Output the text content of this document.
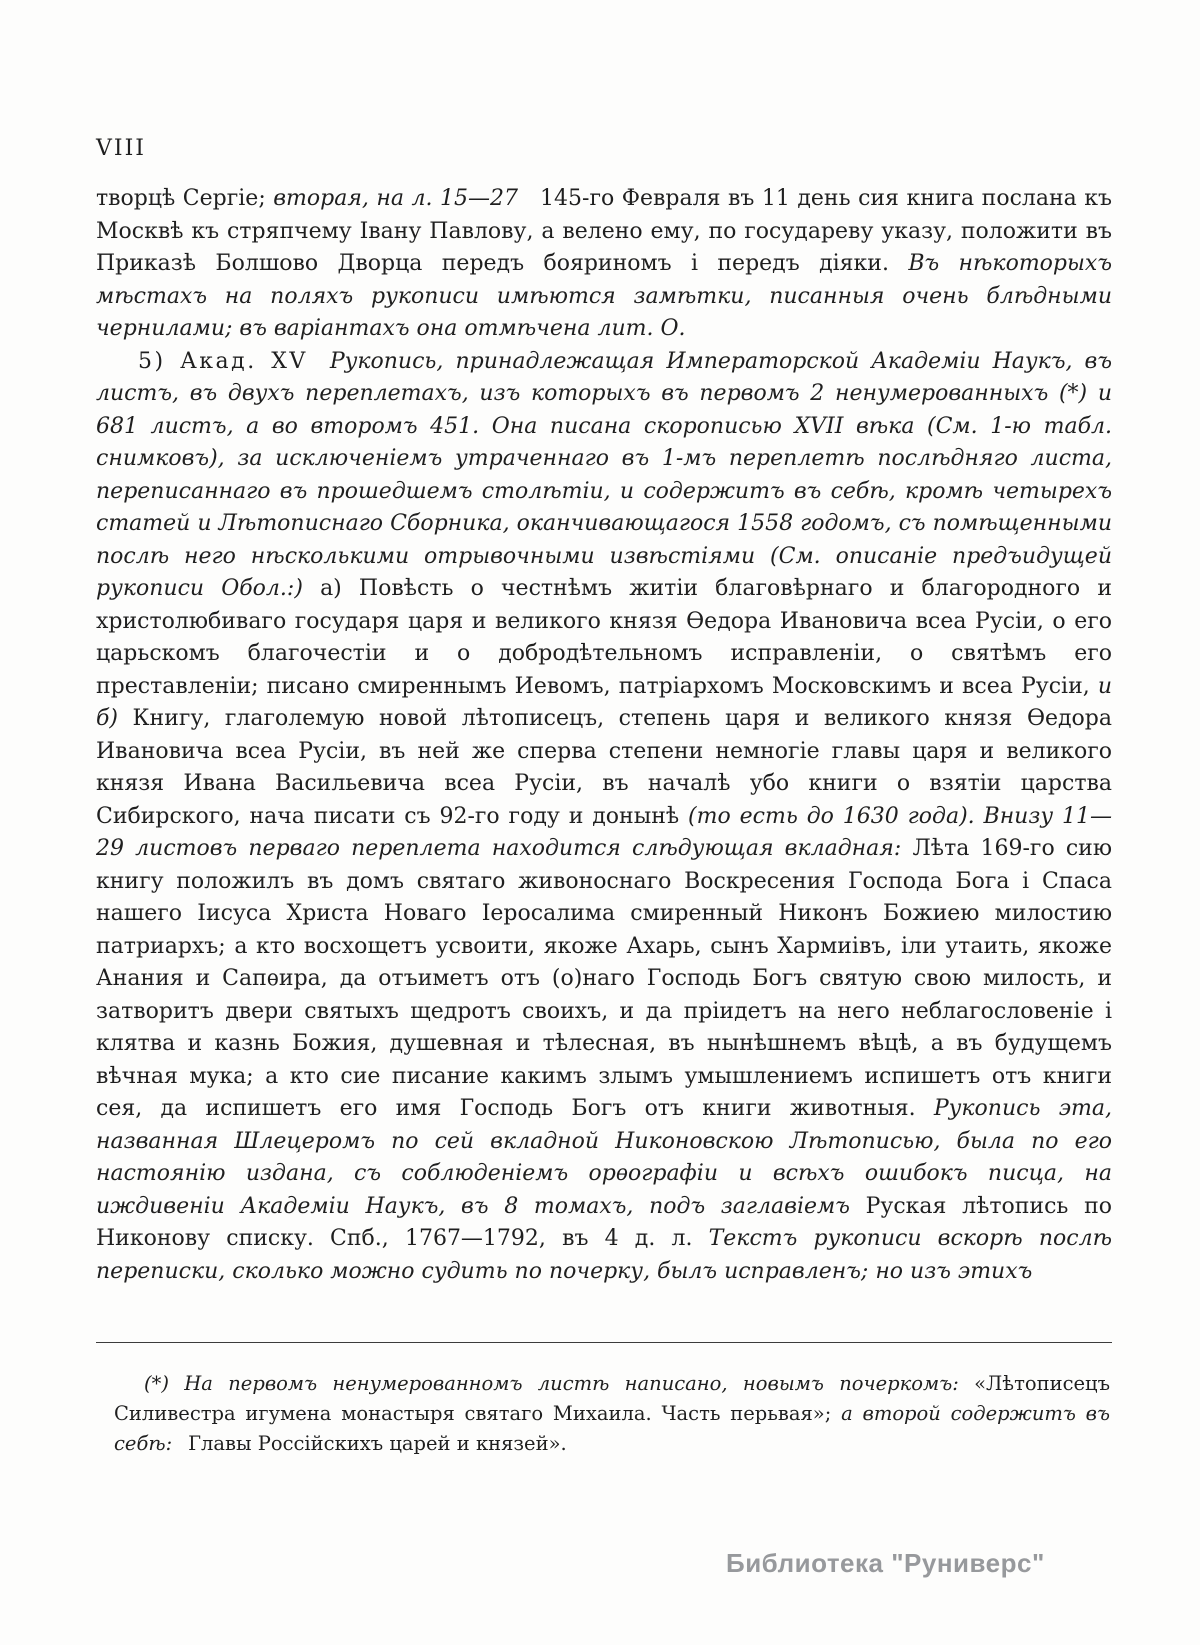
VIII

творцѣ Сергіе; вторая, на л. 15—27 145-го Февраля въ 11 день сия книга послана къ Москвѣ къ стряпчему Івану Павлову, а велено ему, по государеву указу, положити въ Приказѣ Болшово Дворца передъ бояриномъ і передъ діяки. Въ нѣкоторыхъ мѣстахъ на поляхъ рукописи имѣются замѣтки, писанныя очень блѣдными чернилами; въ варіантахъ она отмѣчена лит. О.

5) Акад. XV Рукопись, принадлежащая Императорской Академіи Наукъ, въ листъ, въ двухъ переплетахъ, изъ которыхъ въ первомъ 2 ненумерованныхъ (*) и 681 листъ, а во второмъ 451. Она писана скорописью XVII вѣка (См. 1-ю табл. снимковъ), за исключеніемъ утраченнаго въ 1-мъ переплетѣ послѣдняго листа, переписаннаго въ прошедшемъ столѣтіи, и содержитъ въ себѣ, кромѣ четырехъ статей и Лѣтописнаго Сборника, оканчивающагося 1558 годомъ, съ помѣщенными послѣ него нѣсколькими отрывочными извѣстіями (См. описаніе предъидущей рукописи Обол.:) а) Повѣсть о честнѣмъ житіи благовѣрнаго и благородного и христолюбиваго государя царя и великого князя Ѳедора Ивановича всеа Русіи, о его царьскомъ благочестіи и о добродѣтельномъ исправленіи, о святѣмъ его преставленіи; писано смиреннымъ Иевомъ, патріархомъ Московскимъ и всеа Русіи, и б) Книгу, глаголемую новой лѣтописецъ, степень царя и великого князя Ѳедора Ивановича всеа Русіи, въ ней же сперва степени немногіе главы царя и великого князя Ивана Васильевича всеа Русіи, въ началѣ убо книги о взятіи царства Сибирского, нача писати съ 92-го году и донынѣ (то есть до 1630 года). Внизу 11—29 листовъ перваго переплета находится слѣдующая вкладная: Лѣта 169-го сию книгу положилъ въ домъ святаго живоноснаго Воскресения Господа Бога і Спаса нашего Іисуса Христа Новаго Іеросалима смиренный Никонъ Божиею милостию патриархъ; а кто восхощетъ усвоити, якоже Ахарь, сынъ Хармиівъ, іли утаить, якоже Анания и Сапѳира, да отъиметъ отъ (о)наго Господь Богъ святую свою милость, и затворитъ двери святыхъ щедротъ своихъ, и да пріидетъ на него неблагословеніе і клятва и казнь Божия, душевная и тѣлесная, въ нынѣшнемъ вѣцѣ, а въ будущемъ вѣчная мука; а кто сие писание какимъ злымъ умышлениемъ испишетъ отъ книги сея, да испишетъ его имя Господь Богъ отъ книги животныя. Рукопись эта, названная Шлецеромъ по сей вкладной Никоновскою Лѣтописью, была по его настоянію издана, съ соблюденіемъ орѳографіи и всѣхъ ошибокъ писца, на иждивеніи Академіи Наукъ, въ 8 томахъ, подъ заглавіемъ Руская лѣтопись по Никонову списку. Спб., 1767—1792, въ 4 д. л. Текстъ рукописи вскорѣ послѣ переписки, сколько можно судить по почерку, былъ исправленъ; но изъ этихъ

(*) На первомъ ненумерованномъ листѣ написано, новымъ почеркомъ: «Лѣтописецъ Силивестра игумена монастыря святаго Михаила. Часть перьвая»; а второй содержитъ въ себѣ:  Главы Россійскихъ царей и князей».

Библиотека "Руниверс"
